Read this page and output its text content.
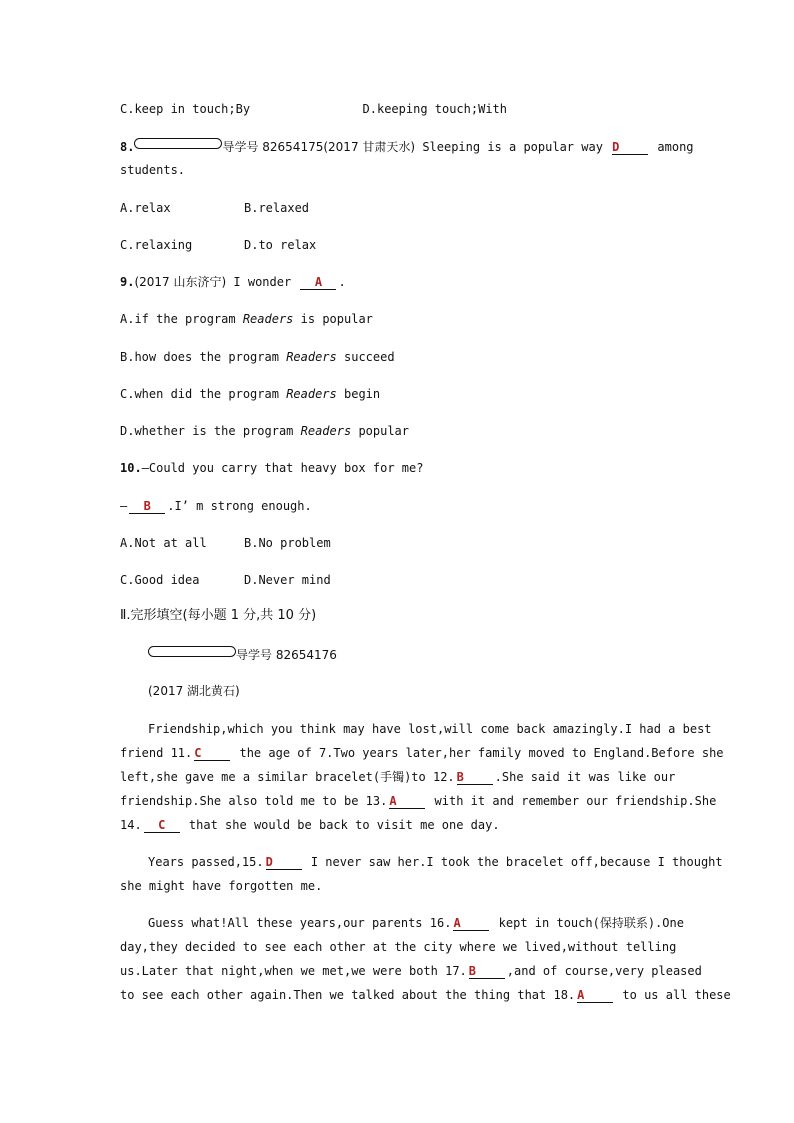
C.keep in touch;By	D.keeping touch;With
8.	导学号 82654175(2017 甘肃天水) Sleeping is a popular way D	among
students.
A.relax	B.relaxed
C.relaxing	D.to relax
9.(2017 山东济宁) I wonder A .
A.if the program Readers is popular
B.how does the program Readers succeed
C.when did the program Readers begin
D.whether is the program Readers popular
10.—Could you carry that heavy box for me?
— B .I’ m strong enough.
A.Not at all	B.No problem
C.Good idea	D.Never mind
Ⅱ.完形填空(每小题 1 分,共 10 分)
导学号 82654176
(2017 湖北黄石)
Friendship,which you think may have lost,will come back amazingly.I had a best
friend 11. C	the age of 7.Two years later,her family moved to England.Before she
left,she gave me a similar bracelet(手镯)to 12. B	.She said it was like our
friendship.She also told me to be 13. A	with it and remember our friendship.She
14. C that she would be back to visit me one day.
Years passed,15. D	I never saw her.I took the bracelet off,because I thought
she might have forgotten me.
Guess what!All these years,our parents 16. A	kept in touch(保持联系).One
day,they decided to see each other at the city where we lived,without telling
us.Later that night,when we met,we were both 17. B	,and of course,very pleased
to see each other again.Then we talked about the thing that 18. A	to us all these
